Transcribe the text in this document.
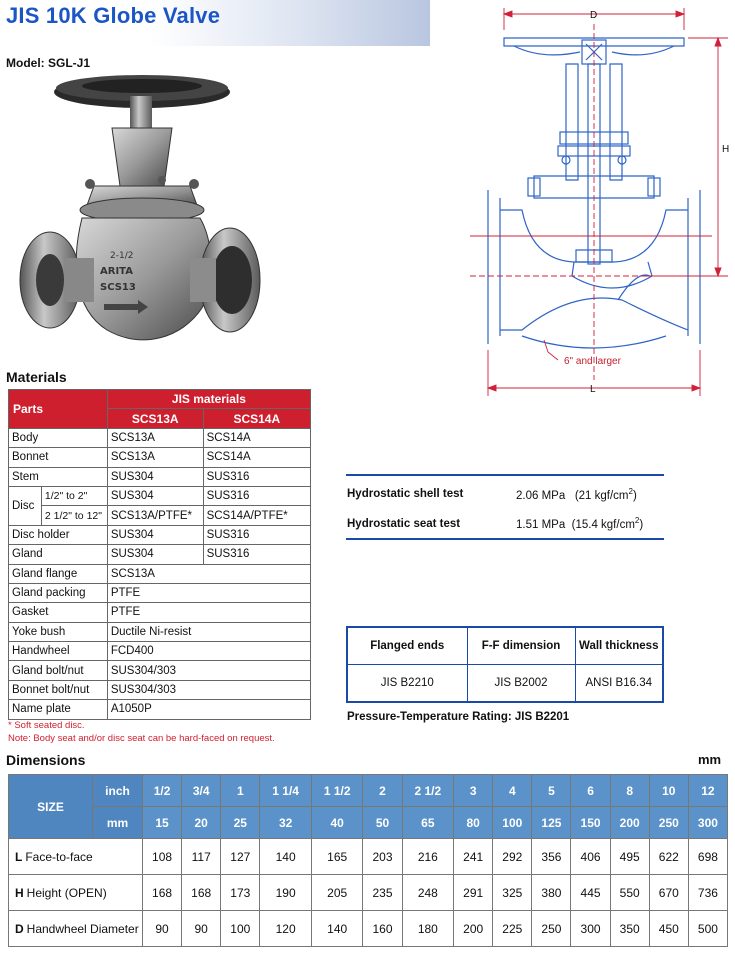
JIS 10K Globe Valve
Model: SGL-J1
2-1/2
ARITA
SCS13
D
H
L
6" and larger
Materials
Parts		JIS materials	
		SCS13A	SCS14A
Body		SCS13A	SCS14A
Bonnet		SCS13A	SCS14A
Stem		SUS304	SUS316
Disc	1/2" to 2"	SUS304	SUS316
	2 1/2" to 12"	SCS13A/PTFE*	SCS14A/PTFE*
Disc holder		SUS304	SUS316
Gland		SUS304	SUS316
Gland flange		SCS13A	
Gland packing		PTFE	
Gasket		PTFE	
Yoke bush		Ductile Ni-resist	
Handwheel		FCD400	
Gland bolt/nut		SUS304/303	
Bonnet bolt/nut		SUS304/303	
Name plate		A1050P	
* Soft seated disc.
Note: Body seat and/or disc seat can be hard-faced on request.
Hydrostatic shell test	2.06 MPa (21 kgf/$cm^2$)
Hydrostatic seat test	1.51 MPa (15.4 kgf/$cm^2$)
Flanged ends	F-F dimension	Wall thickness
JIS B2210	JIS B2002	ANSI B16.34
Pressure-Temperature Rating: JIS B2201
Dimensions	mm
SIZE	inch	1/2	3/4	1	1 1/4	1 1/2	2	2 1/2	3	4	5	6	8	10	12
	mm	15	20	25	32	40	50	65	80	100	125	150	200	250	300
L Face-to-face		108	117	127	140	165	203	216	241	292	356	406	495	622	698
H Height (OPEN)		168	168	173	190	205	235	248	291	325	380	445	550	670	736
D Handwheel Diameter		90	90	100	120	140	160	180	200	225	250	300	350	450	500
